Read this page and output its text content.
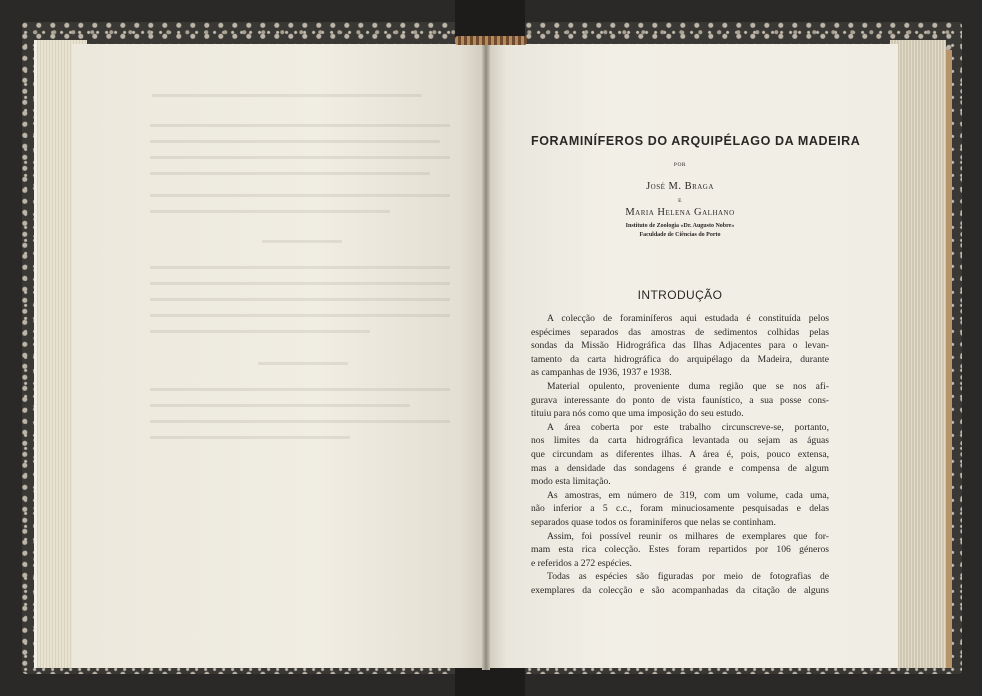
FORAMINÍFEROS DO ARQUIPÉLAGO DA MADEIRA
POR
José M. Braga
E
Maria Helena Galhano
Instituto de Zoologia «Dr. Augusto Nobre»
Faculdade de Ciências do Porto
INTRODUÇÃO
A colecção de foraminíferos aqui estudada é constituída pelos
espécimes separados das amostras de sedimentos colhidas pelas
sondas da Missão Hidrográfica das Ilhas Adjacentes para o levan-
tamento da carta hidrográfica do arquipélago da Madeira, durante
as campanhas de 1936, 1937 e 1938.
Material opulento, proveniente duma região que se nos afi-
gurava interessante do ponto de vista faunístico, a sua posse cons-
tituiu para nós como que uma imposição do seu estudo.
A área coberta por este trabalho circunscreve-se, portanto,
nos limites da carta hidrográfica levantada ou sejam as águas
que circundam as diferentes ilhas. A área é, pois, pouco extensa,
mas a densidade das sondagens é grande e compensa de algum
modo esta limitação.
As amostras, em número de 319, com um volume, cada uma,
não inferior a 5 c.c., foram minuciosamente pesquisadas e delas
separados quase todos os foraminíferos que nelas se continham.
Assim, foi possível reunir os milhares de exemplares que for-
mam esta rica colecção. Estes foram repartidos por 106 géneros
e referidos a 272 espécies.
Todas as espécies são figuradas por meio de fotografias de
exemplares da colecção e são acompanhadas da citação de alguns
